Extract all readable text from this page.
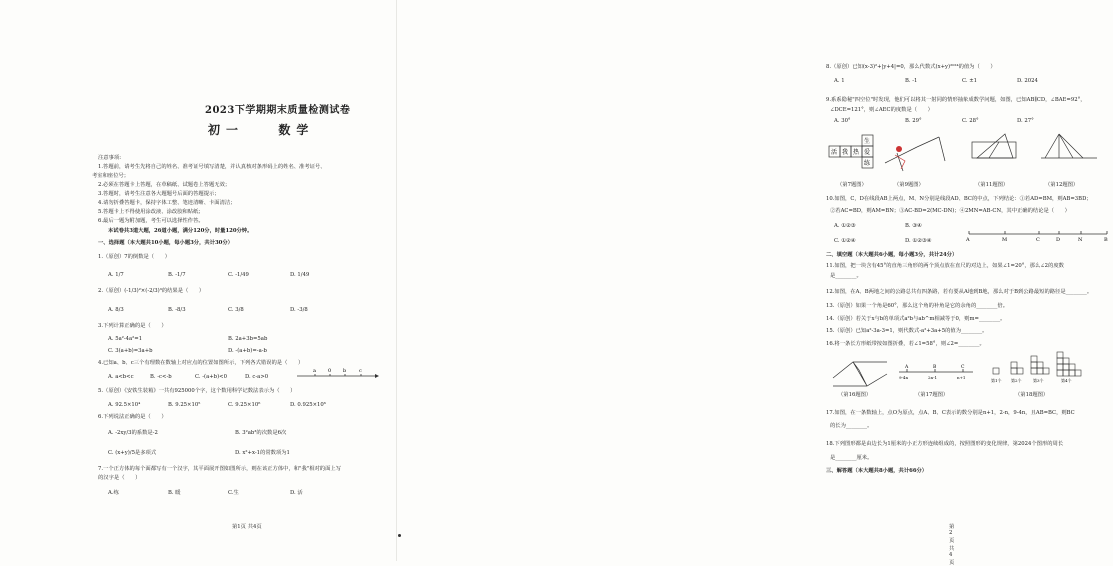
2023下学期期末质量检测试卷
初一	数学
注意事项:
1.答题前，请考生先将自己的姓名、准考证号填写清楚，并认真核对条形码上的姓名、准考证号、
考室和座位号；
2.必须在答题卡上答题，在草稿纸、试题卷上答题无效；
3.答题时，请考生注意各大题题号后面的答题提示；
4.请勿折叠答题卡，保持字体工整、笔迹清晰、卡面清洁；
5.答题卡上不得使用涂改液、涂改胶和贴纸；
6.最后一题为附加题，考生可以选择性作答。
本试卷共3道大题，26道小题，满分120分，时量120分钟。
一、选择题（本大题共10小题，每小题3分，共计30分）
1.（原创）7的倒数是（　　）
A. 1/7	B. -1/7	C. -1/49	D. 1/49
2.（原创）(-1/3)²×(-2/3)³的结果是（　　）
A. 8/3	B. -8/3	C. 3/8	D. -3/8
3.下列计算正确的是（　　）
A. 5a²-4a²=1	B. 2a+3b=5ab
C. 3(a+b)=3a+b	D. -(a+b)=-a-b
4.已知a、b、c三个有理数在数轴上对应点的位置如图所示，下列各式错误的是（　　）
A. a<b<c	B. -c<-b	C. -(a+b)<0	D. c-a>0
a 0 b	c
5.（原创）《安铁生装箱》一共有925000个字，这个数用科学记数法表示为（　　）
A. 92.5×10⁴	B. 9.25×10⁵	C. 9.25×10⁶	D. 0.925×10⁶
6.下列说法正确的是（　　）
A. -2xy/3的系数是-2	B. 3²ab³的次数是6次
C. (x+y)/5是多项式	D. x²+x-1的常数项为1
7.一个正方体的每个面都写有一个汉字，其平面展开图如图所示，则在该正方体中，和"我"相对的面上写
的汉字是（　　）
A.练	B. 暖	C.生	D. 活
第1页 共4页
8.（原创）已知(x-3)²+|y+4|=0，那么代数式(x+y)²⁰²⁴的值为（　　）
A. 1	B. -1	C. ±1	D. 2024
9.系系隐秘"四空位"时发现，他们可以将其一射同的情形抽象成数学问题，如图，已知AB∥CD，∠BAE=92°，
∠DCE=121°，则∠AEC的度数是（　　）
A. 30°	B. 29°	C. 28°	D. 27°
生
活 我 热 爱
练
（第7题图）	（第9题图）	（第11题图）	（第12题图）
10.如图，C，D在线段AB上两点，M、N分别是线段AD、BC的中点，下列结论：①若AD=BM，则AB=3BD；
②若AC=BD，则AM=BN；③AC-BD=2(MC-DN)；④2MN=AB-CN，其中正确的结论是（　　）
A. ①②③	B. ③④
C. ①②④	D. ①②③④	A	M	C	D	N	B
二、填空题（本大题共6小题，每小题3分，共计24分）
11.如图，把一块含有45°的直角三角形的两个顶点放在直尺的对边上，如果∠1=20°，那么∠2的度数
是________。
12.如图，在A、B两地之间的公路总共有四条路，若有要从A地到B地，那么对于B到公路最短的路径是________。
13.（原创）如果一个角是60°，那么这个角的补角是它的余角的________倍。
14.（原创）若关于x与b的单项式a²b与ab^m相减等于0，则m=________。
15.（原创）已知a²-3a-3=1，则代数式-a²+3a+5的值为________。
16.将一条长方形纸带按如图折叠，若∠1=58°，则∠2=________。
A	B	C
9-4n	2n-1	n+1
第1个 第2个	第3个	第4个
（第16题图）	（第17题图）	（第18题图）
17.如图，在一条数轴上，点O为原点，点A、B、C表示的数分别是n+1，2-n，9-4n，且AB=BC，则BC
的长为________。
18.下列图形都是由边长为1厘米的小正方形连续组成的，按照图形的变化规律，第2024个图形的周长
是________厘米。
三、解答题（本大题共8小题，共计66分）
第2页 共4页
